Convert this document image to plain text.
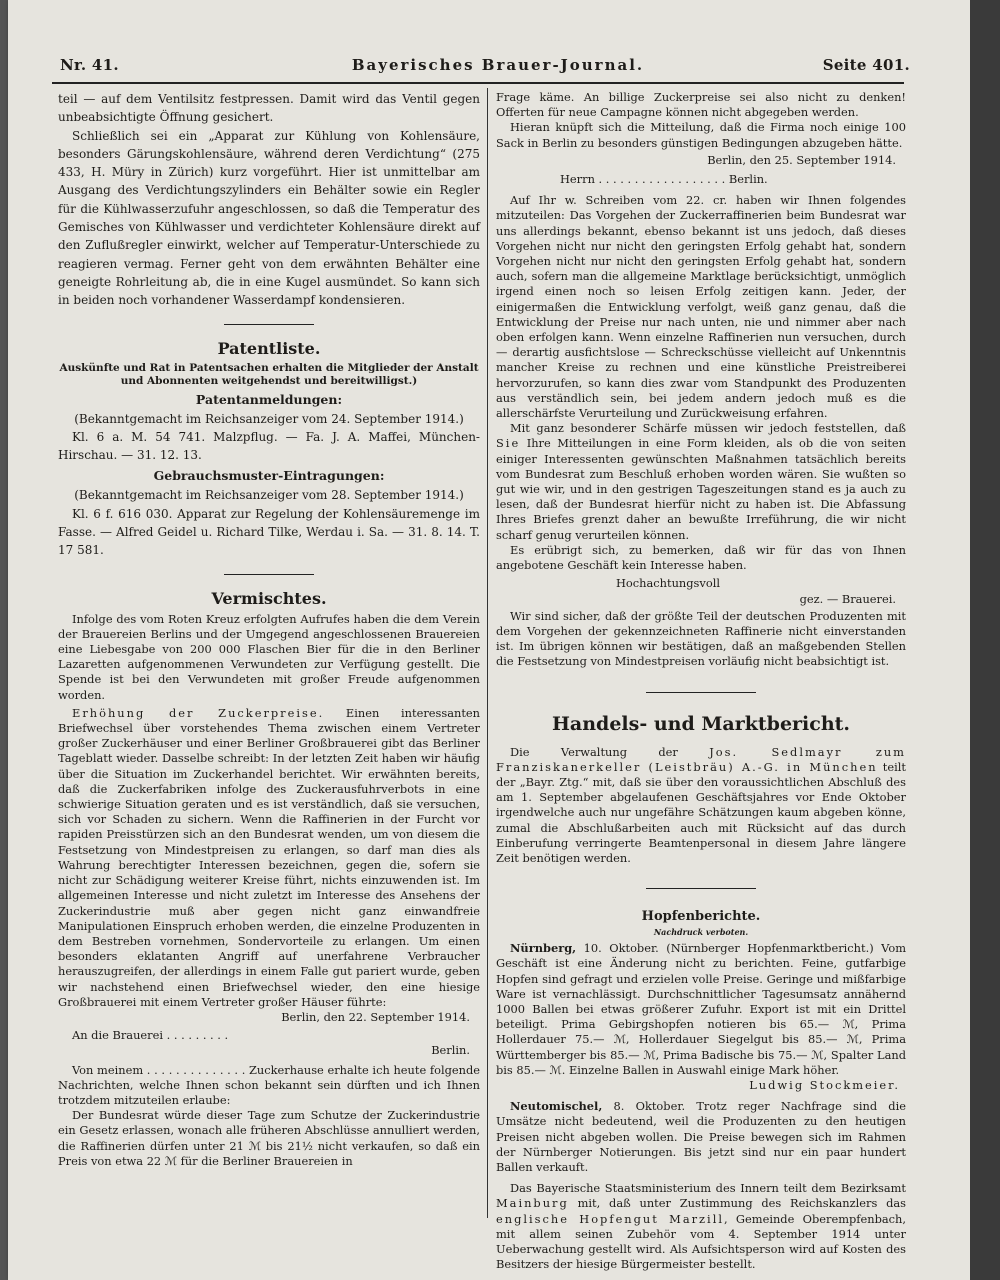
Nr. 41.	Bayerisches Brauer-Journal.	Seite 401.

teil — auf dem Ventilsitz festpressen. Damit wird das Ventil gegen unbeabsichtigte Öffnung gesichert.

Schließlich sei ein „Apparat zur Kühlung von Kohlensäure, besonders Gärungskohlensäure, während deren Verdichtung“ (275 433, H. Müry in Zürich) kurz vorgeführt. Hier ist unmittelbar am Ausgang des Verdichtungszylinders ein Behälter sowie ein Regler für die Kühlwasserzufuhr angeschlossen, so daß die Temperatur des Gemisches von Kühlwasser und verdichteter Kohlensäure direkt auf den Zuflußregler einwirkt, welcher auf Temperatur-Unterschiede zu reagieren vermag. Ferner geht von dem erwähnten Behälter eine geneigte Rohrleitung ab, die in eine Kugel ausmündet. So kann sich in beiden noch vorhandener Wasserdampf kondensieren.

Patentliste.

Auskünfte und Rat in Patentsachen erhalten die Mitglieder der Anstalt und Abonnenten weitgehendst und bereitwilligst.)

Patentanmeldungen:

(Bekanntgemacht im Reichsanzeiger vom 24. September 1914.)

Kl. 6 a. M. 54 741. Malzpflug. — Fa. J. A. Maffei, München-Hirschau. — 31. 12. 13.

Gebrauchsmuster-Eintragungen:

(Bekanntgemacht im Reichsanzeiger vom 28. September 1914.)

Kl. 6 f. 616 030. Apparat zur Regelung der Kohlensäuremenge im Fasse. — Alfred Geidel u. Richard Tilke, Werdau i. Sa. — 31. 8. 14. T. 17 581.

Vermischtes.

Infolge des vom Roten Kreuz erfolgten Aufrufes haben die dem Verein der Brauereien Berlins und der Umgegend angeschlossenen Brauereien eine Liebesgabe von 200 000 Flaschen Bier für die in den Berliner Lazaretten aufgenommenen Verwundeten zur Verfügung gestellt. Die Spende ist bei den Verwundeten mit großer Freude aufgenommen worden.

Erhöhung der Zuckerpreise. Einen interessanten Briefwechsel über vorstehendes Thema zwischen einem Vertreter großer Zuckerhäuser und einer Berliner Großbrauerei gibt das Berliner Tageblatt wieder. Dasselbe schreibt: In der letzten Zeit haben wir häufig über die Situation im Zuckerhandel berichtet. Wir erwähnten bereits, daß die Zuckerfabriken infolge des Zuckerausfuhrverbots in eine schwierige Situation geraten und es ist verständlich, daß sie versuchen, sich vor Schaden zu sichern. Wenn die Raffinerien in der Furcht vor rapiden Preisstürzen sich an den Bundesrat wenden, um von diesem die Festsetzung von Mindestpreisen zu erlangen, so darf man dies als Wahrung berechtigter Interessen bezeichnen, gegen die, sofern sie nicht zur Schädigung weiterer Kreise führt, nichts einzuwenden ist. Im allgemeinen Interesse und nicht zuletzt im Interesse des Ansehens der Zuckerindustrie muß aber gegen nicht ganz einwandfreie Manipulationen Einspruch erhoben werden, die einzelne Produzenten in dem Bestreben vornehmen, Sondervorteile zu erlangen. Um einen besonders eklatanten Angriff auf unerfahrene Verbraucher herauszugreifen, der allerdings in einem Falle gut pariert wurde, geben wir nachstehend einen Briefwechsel wieder, den eine hiesige Großbrauerei mit einem Vertreter großer Häuser führte:

Berlin, den 22. September 1914.

An die Brauerei . . . . . . . . .

Berlin.

Von meinem . . . . . . . . . . . . . . Zuckerhause erhalte ich heute folgende Nachrichten, welche Ihnen schon bekannt sein dürften und ich Ihnen trotzdem mitzuteilen erlaube:

Der Bundesrat würde dieser Tage zum Schutze der Zuckerindustrie ein Gesetz erlassen, wonach alle früheren Abschlüsse annulliert werden, die Raffinerien dürfen unter 21 ℳ bis 21½ nicht verkaufen, so daß ein Preis von etwa 22 ℳ für die Berliner Brauereien in

Frage käme. An billige Zuckerpreise sei also nicht zu denken! Offerten für neue Campagne können nicht abgegeben werden.

Hieran knüpft sich die Mitteilung, daß die Firma noch einige 100 Sack in Berlin zu besonders günstigen Bedingungen abzugeben hätte.

Berlin, den 25. September 1914.

Herrn . . . . . . . . . . . . . . . . . . Berlin.

Auf Ihr w. Schreiben vom 22. cr. haben wir Ihnen folgendes mitzuteilen: Das Vorgehen der Zuckerraffinerien beim Bundesrat war uns allerdings bekannt, ebenso bekannt ist uns jedoch, daß dieses Vorgehen nicht nur nicht den geringsten Erfolg gehabt hat, sondern Vorgehen nicht nur nicht den geringsten Erfolg gehabt hat, sondern auch, sofern man die allgemeine Marktlage berücksichtigt, unmöglich irgend einen noch so leisen Erfolg zeitigen kann. Jeder, der einigermaßen die Entwicklung verfolgt, weiß ganz genau, daß die Entwicklung der Preise nur nach unten, nie und nimmer aber nach oben erfolgen kann. Wenn einzelne Raffinerien nun versuchen, durch — derartig ausfichtslose — Schreckschüsse vielleicht auf Unkenntnis mancher Kreise zu rechnen und eine künstliche Preistreiberei hervorzurufen, so kann dies zwar vom Standpunkt des Produzenten aus verständlich sein, bei jedem andern jedoch muß es die allerschärfste Verurteilung und Zurückweisung erfahren.

Mit ganz besonderer Schärfe müssen wir jedoch feststellen, daß Sie Ihre Mitteilungen in eine Form kleiden, als ob die von seiten einiger Interessenten gewünschten Maßnahmen tatsächlich bereits vom Bundesrat zum Beschluß erhoben worden wären. Sie wußten so gut wie wir, und in den gestrigen Tageszeitungen stand es ja auch zu lesen, daß der Bundesrat hierfür nicht zu haben ist. Die Abfassung Ihres Briefes grenzt daher an bewußte Irreführung, die wir nicht scharf genug verurteilen können.

Es erübrigt sich, zu bemerken, daß wir für das von Ihnen angebotene Geschäft kein Interesse haben.

Hochachtungsvoll

gez. — Brauerei.

Wir sind sicher, daß der größte Teil der deutschen Produzenten mit dem Vorgehen der gekennzeichneten Raffinerie nicht einverstanden ist. Im übrigen können wir bestätigen, daß an maßgebenden Stellen die Festsetzung von Mindestpreisen vorläufig nicht beabsichtigt ist.

Handels- und Marktbericht.

Die Verwaltung der Jos. Sedlmayr zum Franziskanerkeller (Leistbräu) A.-G. in München teilt der „Bayr. Ztg.“ mit, daß sie über den voraussichtlichen Abschluß des am 1. September abgelaufenen Geschäftsjahres vor Ende Oktober irgendwelche auch nur ungefähre Schätzungen kaum abgeben könne, zumal die Abschlußarbeiten auch mit Rücksicht auf das durch Einberufung verringerte Beamtenpersonal in diesem Jahre längere Zeit benötigen werden.

Hopfenberichte.
Nachdruck verboten.

Nürnberg, 10. Oktober. (Nürnberger Hopfenmarktbericht.) Vom Geschäft ist eine Änderung nicht zu berichten. Feine, gutfarbige Hopfen sind gefragt und erzielen volle Preise. Geringe und mißfarbige Ware ist vernachlässigt. Durchschnittlicher Tagesumsatz annähernd 1000 Ballen bei etwas größerer Zufuhr. Export ist mit ein Drittel beteiligt. Prima Gebirgshopfen notieren bis 65.— ℳ, Prima Hollerdauer 75.— ℳ, Hollerdauer Siegelgut bis 85.— ℳ, Prima Württemberger bis 85.— ℳ, Prima Badische bis 75.— ℳ, Spalter Land bis 85.— ℳ. Einzelne Ballen in Auswahl einige Mark höher.

Ludwig Stockmeier.

Neutomischel, 8. Oktober. Trotz reger Nachfrage sind die Umsätze nicht bedeutend, weil die Produzenten zu den heutigen Preisen nicht abgeben wollen. Die Preise bewegen sich im Rahmen der Nürnberger Notierungen. Bis jetzt sind nur ein paar hundert Ballen verkauft.

Das Bayerische Staatsministerium des Innern teilt dem Bezirksamt Mainburg mit, daß unter Zustimmung des Reichskanzlers das englische Hopfengut Marzill, Gemeinde Oberempfenbach, mit allem seinen Zubehör vom 4. September 1914 unter Ueberwachung gestellt wird. Als Aufsichtsperson wird auf Kosten des Besitzers der hiesige Bürgermeister bestellt.
